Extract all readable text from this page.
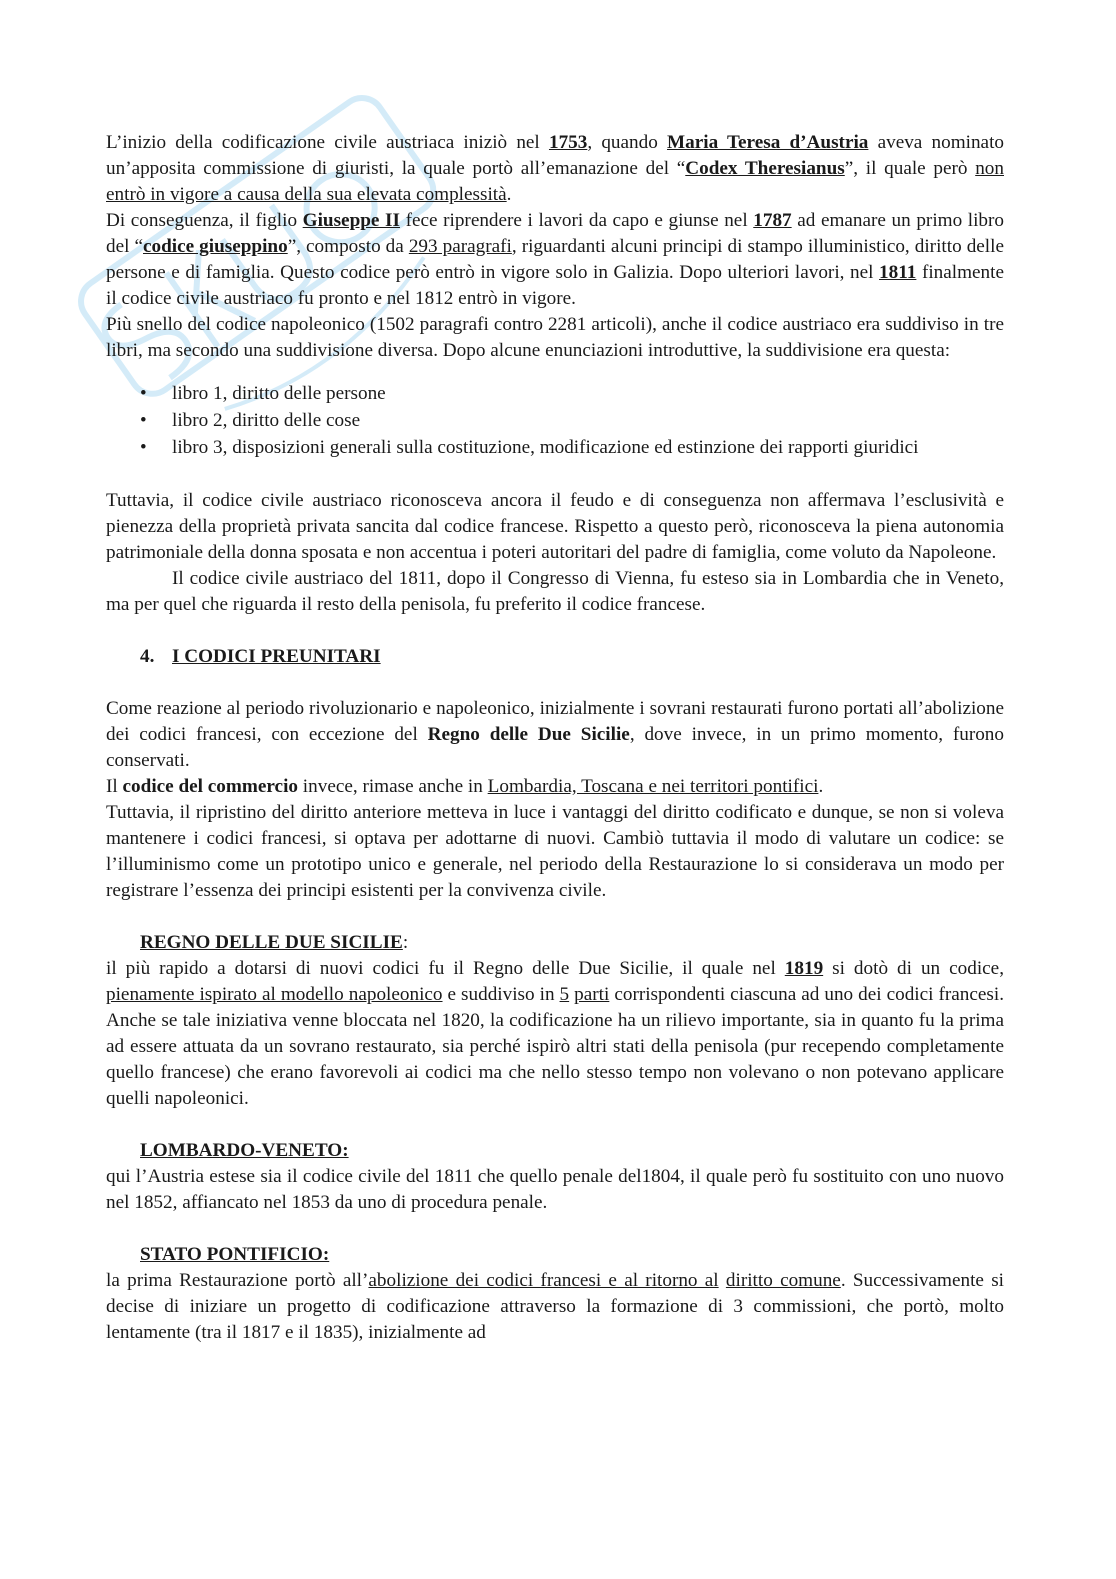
L’inizio della codificazione civile austriaca iniziò nel 1753, quando Maria Teresa d’Austria aveva nominato un’apposita commissione di giuristi, la quale portò all’emanazione del “Codex Theresianus”, il quale però non entrò in vigore a causa della sua elevata complessità.

Di conseguenza, il figlio Giuseppe II fece riprendere i lavori da capo e giunse nel 1787 ad emanare un primo libro del “codice giuseppino”, composto da 293 paragrafi, riguardanti alcuni principi di stampo illuministico, diritto delle persone e di famiglia. Questo codice però entrò in vigore solo in Galizia. Dopo ulteriori lavori, nel 1811 finalmente il codice civile austriaco fu pronto e nel 1812 entrò in vigore.

Più snello del codice napoleonico (1502 paragrafi contro 2281 articoli), anche il codice austriaco era suddiviso in tre libri, ma secondo una suddivisione diversa. Dopo alcune enunciazioni introduttive, la suddivisione era questa:

• libro 1, diritto delle persone
• libro 2, diritto delle cose
• libro 3, disposizioni generali sulla costituzione, modificazione ed estinzione dei rapporti giuridici

Tuttavia, il codice civile austriaco riconosceva ancora il feudo e di conseguenza non affermava l’esclusività e pienezza della proprietà privata sancita dal codice francese. Rispetto a questo però, riconosceva la piena autonomia patrimoniale della donna sposata e non accentua i poteri autoritari del padre di famiglia, come voluto da Napoleone.

Il codice civile austriaco del 1811, dopo il Congresso di Vienna, fu esteso sia in Lombardia che in Veneto, ma per quel che riguarda il resto della penisola, fu preferito il codice francese.

4. I CODICI PREUNITARI

Come reazione al periodo rivoluzionario e napoleonico, inizialmente i sovrani restaurati furono portati all’abolizione dei codici francesi, con eccezione del Regno delle Due Sicilie, dove invece, in un primo momento, furono conservati.

Il codice del commercio invece, rimase anche in Lombardia, Toscana e nei territori pontifici.

Tuttavia, il ripristino del diritto anteriore metteva in luce i vantaggi del diritto codificato e dunque, se non si voleva mantenere i codici francesi, si optava per adottarne di nuovi. Cambiò tuttavia il modo di valutare un codice: se l’illuminismo come un prototipo unico e generale, nel periodo della Restaurazione lo si considerava un modo per registrare l’essenza dei principi esistenti per la convivenza civile.

REGNO DELLE DUE SICILIE:

il più rapido a dotarsi di nuovi codici fu il Regno delle Due Sicilie, il quale nel 1819 si dotò di un codice, pienamente ispirato al modello napoleonico e suddiviso in 5 parti corrispondenti ciascuna ad uno dei codici francesi. Anche se tale iniziativa venne bloccata nel 1820, la codificazione ha un rilievo importante, sia in quanto fu la prima ad essere attuata da un sovrano restaurato, sia perché ispirò altri stati della penisola (pur recependo completamente quello francese) che erano favorevoli ai codici ma che nello stesso tempo non volevano o non potevano applicare quelli napoleonici.

LOMBARDO-VENETO:

qui l’Austria estese sia il codice civile del 1811 che quello penale del1804, il quale però fu sostituito con uno nuovo nel 1852, affiancato nel 1853 da uno di procedura penale.

STATO PONTIFICIO:

la prima Restaurazione portò all’abolizione dei codici francesi e al ritorno al diritto comune. Successivamente si decise di iniziare un progetto di codificazione attraverso la formazione di 3 commissioni, che portò, molto lentamente (tra il 1817 e il 1835), inizialmente ad
